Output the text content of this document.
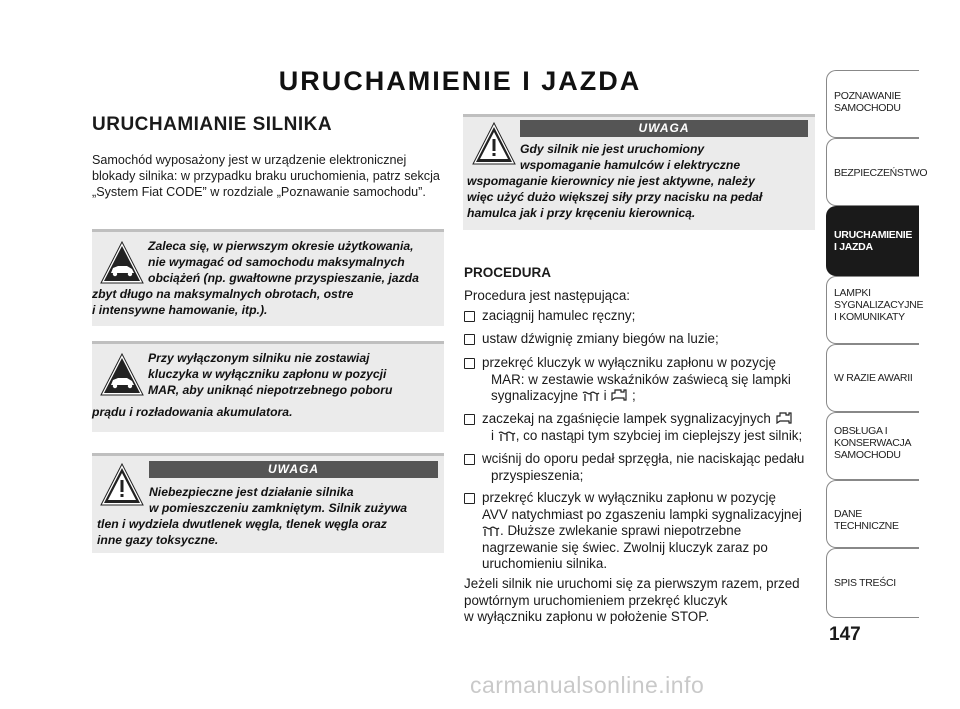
URUCHAMIENIE I JAZDA
URUCHAMIANIE SILNIKA
Samochód wyposażony jest w urządzenie elektronicznej
blokady silnika: w przypadku braku uruchomienia, patrz sekcja
„System Fiat CODE” w rozdziale „Poznawanie samochodu”.
Zaleca się, w pierwszym okresie użytkowania,
nie wymagać od samochodu maksymalnych
obciążeń (np. gwałtowne przyspieszanie, jazda
zbyt długo na maksymalnych obrotach, ostre
i intensywne hamowanie, itp.).
Przy wyłączonym silniku nie zostawiaj
kluczyka w wyłączniku zapłonu w pozycji
MAR, aby uniknąć niepotrzebnego poboru
prądu i rozładowania akumulatora.
UWAGA
Niebezpieczne jest działanie silnika
w pomieszczeniu zamkniętym. Silnik zużywa
tlen i wydziela dwutlenek węgla, tlenek węgla oraz
inne gazy toksyczne.
UWAGA
Gdy silnik nie jest uruchomiony
wspomaganie hamulców i elektryczne
wspomaganie kierownicy nie jest aktywne, należy
więc użyć dużo większej siły przy nacisku na pedał
hamulca jak i przy kręceniu kierownicą.
PROCEDURA
Procedura jest następująca:
zaciągnij hamulec ręczny;
ustaw dźwignię zmiany biegów na luzie;
przekręć kluczyk w wyłączniku zapłonu w pozycję
MAR: w zestawie wskaźników zaświecą się lampki
sygnalizacyjne i ;
zaczekaj na zgaśnięcie lampek sygnalizacyjnych
i , co nastąpi tym szybciej im cieplejszy jest silnik;
wciśnij do oporu pedał sprzęgła, nie naciskając pedału
przyspieszenia;
przekręć kluczyk w wyłączniku zapłonu w pozycję
AVV natychmiast po zgaszeniu lampki sygnalizacyjnej
. Dłuższe zwlekanie sprawi niepotrzebne
nagrzewanie się świec. Zwolnij kluczyk zaraz po
uruchomieniu silnika.
Jeżeli silnik nie uruchomi się za pierwszym razem, przed
powtórnym uruchomieniem przekręć kluczyk
w wyłączniku zapłonu w położenie STOP.
POZNAWANIE
SAMOCHODU
BEZPIECZEŃSTWO
URUCHAMIENIE
I JAZDA
LAMPKI
SYGNALIZACYJNE
I KOMUNIKATY
W RAZIE AWARII
OBSŁUGA I
KONSERWACJA
SAMOCHODU
DANE TECHNICZNE
SPIS TREŚCI
147
carmanualsonline.info
